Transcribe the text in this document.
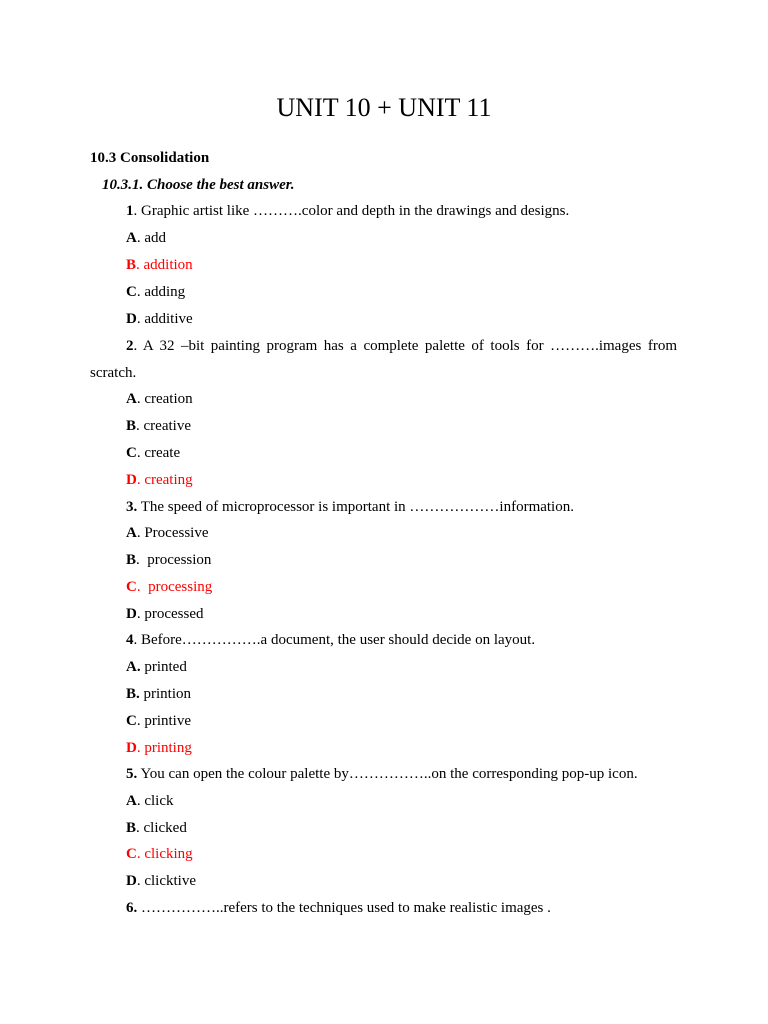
UNIT 10 + UNIT 11
10.3 Consolidation
10.3.1. Choose the best answer.
1. Graphic artist like ……….color and depth in the drawings and designs.
A. add
B. addition
C. adding
D. additive
2. A 32 –bit painting program has a complete palette of tools for ……….images from
scratch.
A. creation
B. creative
C. create
D. creating
3. The speed of microprocessor is important in ………………information.
A. Processive
B.  procession
C.  processing
D. processed
4. Before…………….a document, the user should decide on layout.
A. printed
B. printion
C. printive
D. printing
5. You can open the colour palette by……………..on the corresponding pop-up icon.
A. click
B. clicked
C. clicking
D. clicktive
6. ……………..refers to the techniques used to make realistic images .
